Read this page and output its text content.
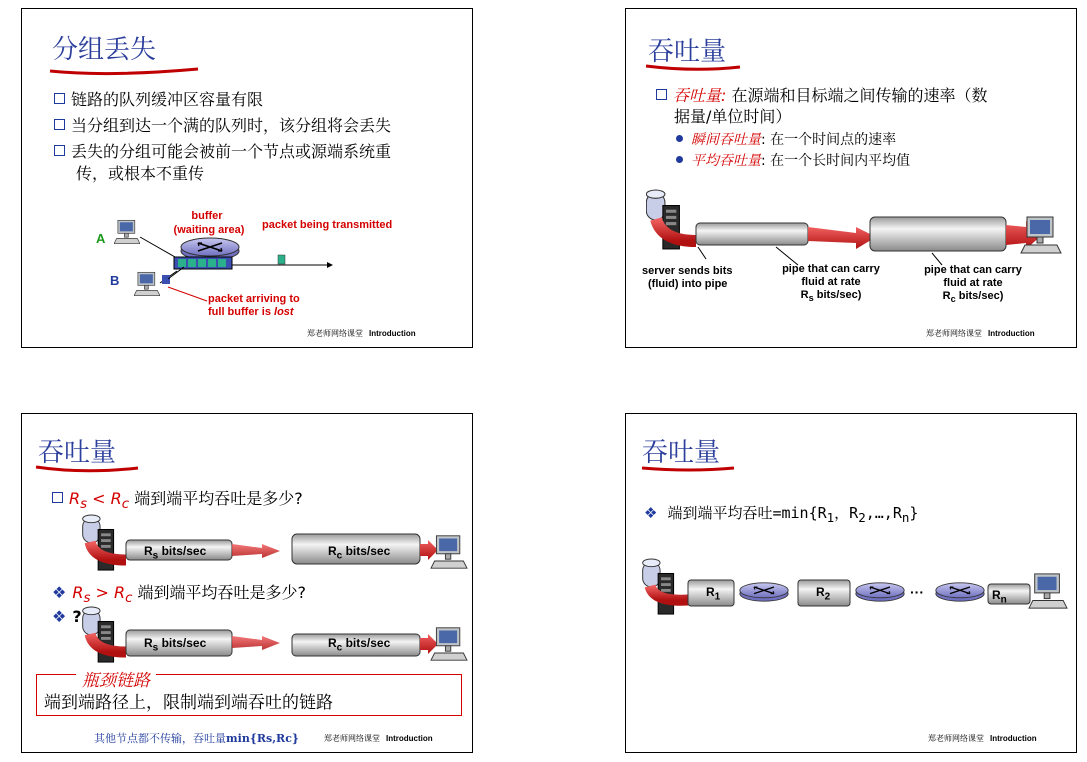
分组丢失
链路的队列缓冲区容量有限
当分组到达一个满的队列时，该分组将会丢失
丢失的分组可能会被前一个节点或源端系统重
传，或根本不重传
A
B
buffer
(waiting area)	packet being transmitted
packet arriving to
full buffer is lost
郑老师网络课堂 Introduction
吞吐量
吞吐量: 在源端和目标端之间传输的速率（数
据量/单位时间）
瞬间吞吐量: 在一个时间点的速率
平均吞吐量: 在一个长时间内平均值
server sends bits
(fluid) into pipe
pipe that can carry
fluid at rate
$R_s$ bits/sec)
pipe that can carry
fluid at rate
$R_c$ bits/sec)
郑老师网络课堂 Introduction
吞吐量
$R_s < R_c$ 端到端平均吞吐是多少?
$R_s$ bits/sec	$R_c$ bits/sec
❖ $R_s > R_c$ 端到端平均吞吐是多少?
❖ ?
$R_s$ bits/sec	$R_c$ bits/sec
瓶颈链路
端到端路径上，限制端到端吞吐的链路
其他节点都不传输，吞吐量min{Rs,Rc}	郑老师网络课堂 Introduction
吞吐量
❖ 端到端平均吞吐$=\min\{R_1$，$R_2,\dots,R_n$}
$R_1$	$R_2$	···	$R_n$
郑老师网络课堂 Introduction
